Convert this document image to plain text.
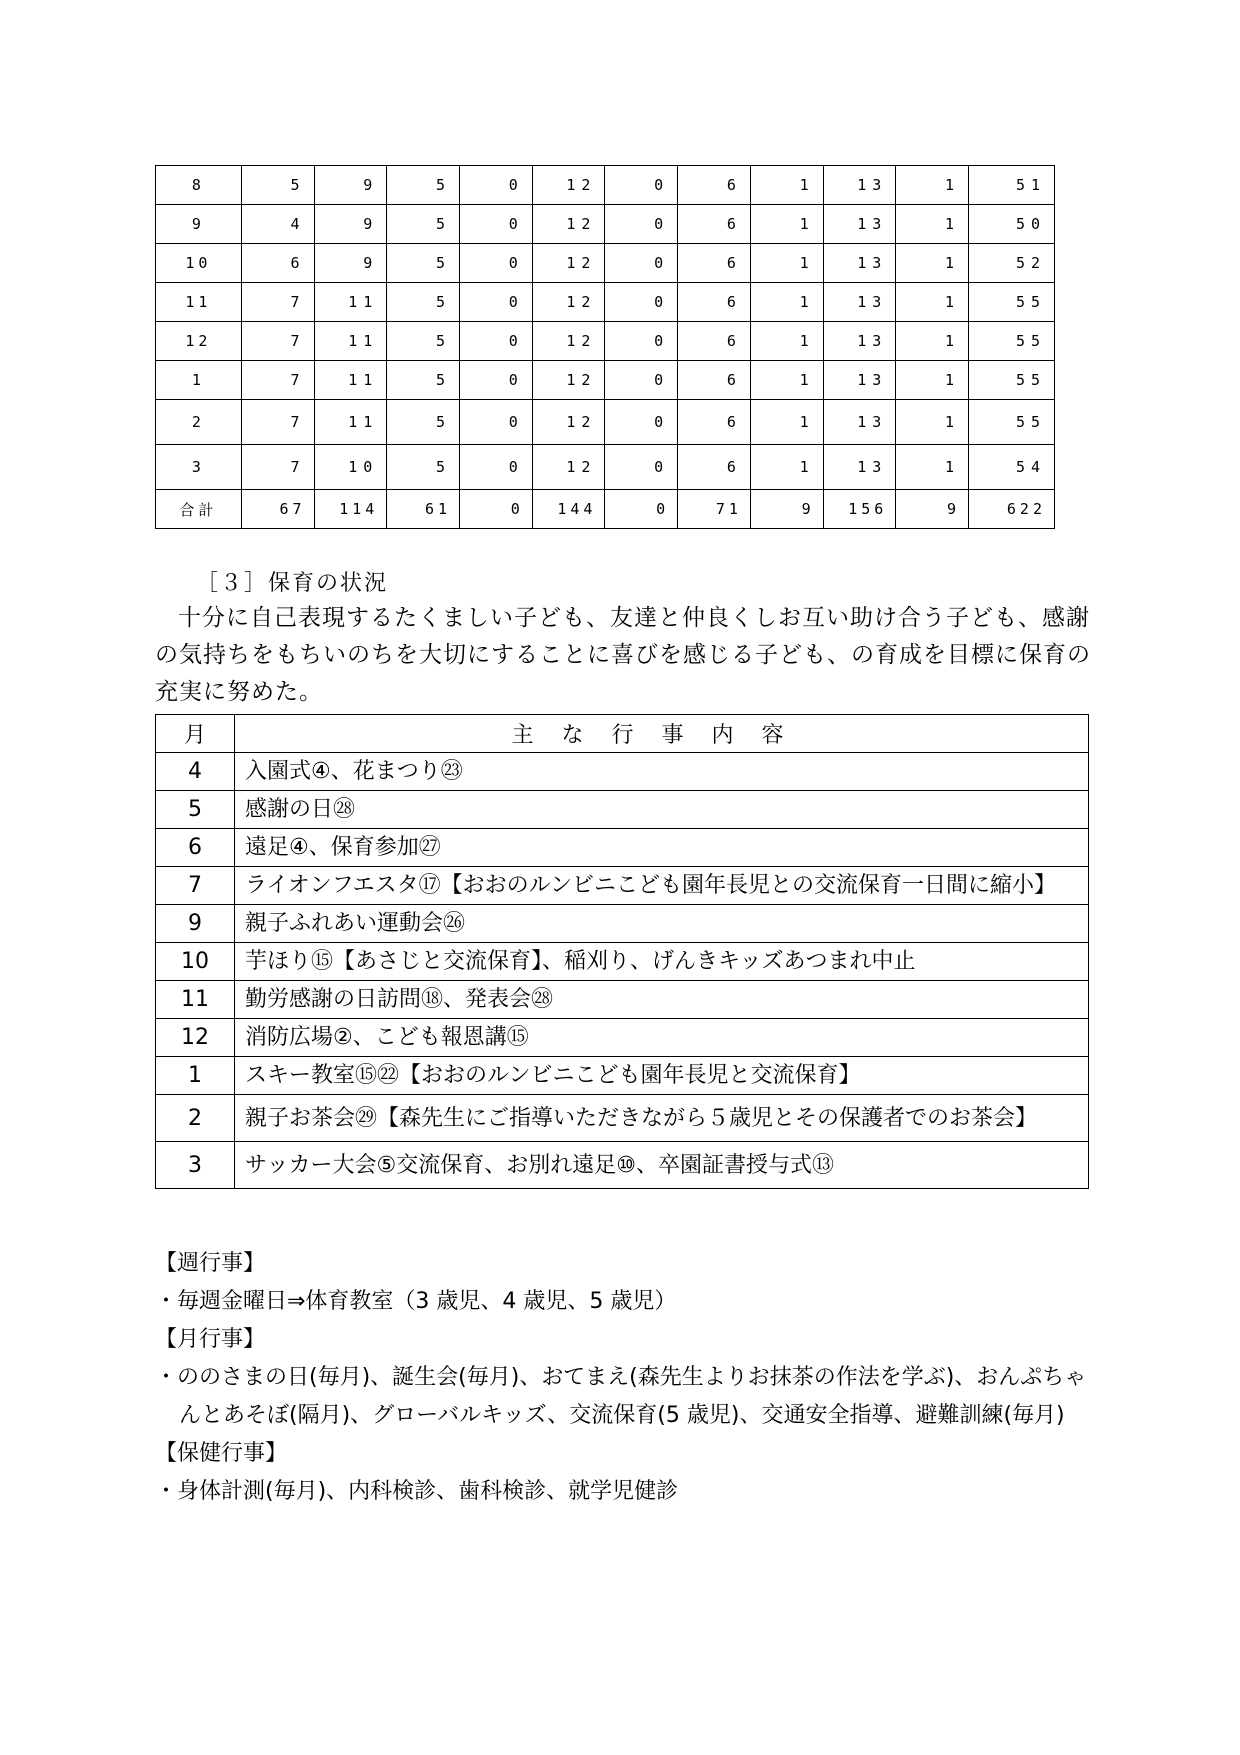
8	5	9	5	0	12	0	6	1	13	1	51
9	4	9	5	0	12	0	6	1	13	1	50
10	6	9	5	0	12	0	6	1	13	1	52
11	7	11	5	0	12	0	6	1	13	1	55
12	7	11	5	0	12	0	6	1	13	1	55
1	7	11	5	0	12	0	6	1	13	1	55
2	7	11	5	0	12	0	6	1	13	1	55
3	7	10	5	0	12	0	6	1	13	1	54
合計	67	114	61	0	144	0	71	9	156	9	622
［３］保育の状況

十分に自己表現するたくましい子ども、友達と仲良くしお互い助け合う子ども、感謝の気持ちをもちいのちを大切にすることに喜びを感じる子ども、の育成を目標に保育の充実に努めた。

月	主な行事内容
4	入園式④、花まつり㉓
5	感謝の日㉘
6	遠足④、保育参加㉗
7	ライオンフエスタ⑰【おおのルンビニこども園年長児との交流保育一日間に縮小】
9	親子ふれあい運動会㉖
10	芋ほり⑮【あさじと交流保育】、稲刈り、げんきキッズあつまれ中止
11	勤労感謝の日訪問⑱、発表会㉘
12	消防広場②、こども報恩講⑮
1	スキー教室⑮㉒【おおのルンビニこども園年長児と交流保育】
2	親子お茶会㉙【森先生にご指導いただきながら５歳児とその保護者でのお茶会】
3	サッカー大会⑤交流保育、お別れ遠足⑩、卒園証書授与式⑬

【週行事】

・毎週金曜日⇒体育教室（3 歳児、4 歳児、5 歳児）

【月行事】

・ののさまの日(毎月)、誕生会(毎月)、おてまえ(森先生よりお抹茶の作法を学ぶ)、おんぷちゃんとあそぼ(隔月)、グローバルキッズ、交流保育(5 歳児)、交通安全指導、避難訓練(毎月)

【保健行事】

・身体計測(毎月)、内科検診、歯科検診、就学児健診
